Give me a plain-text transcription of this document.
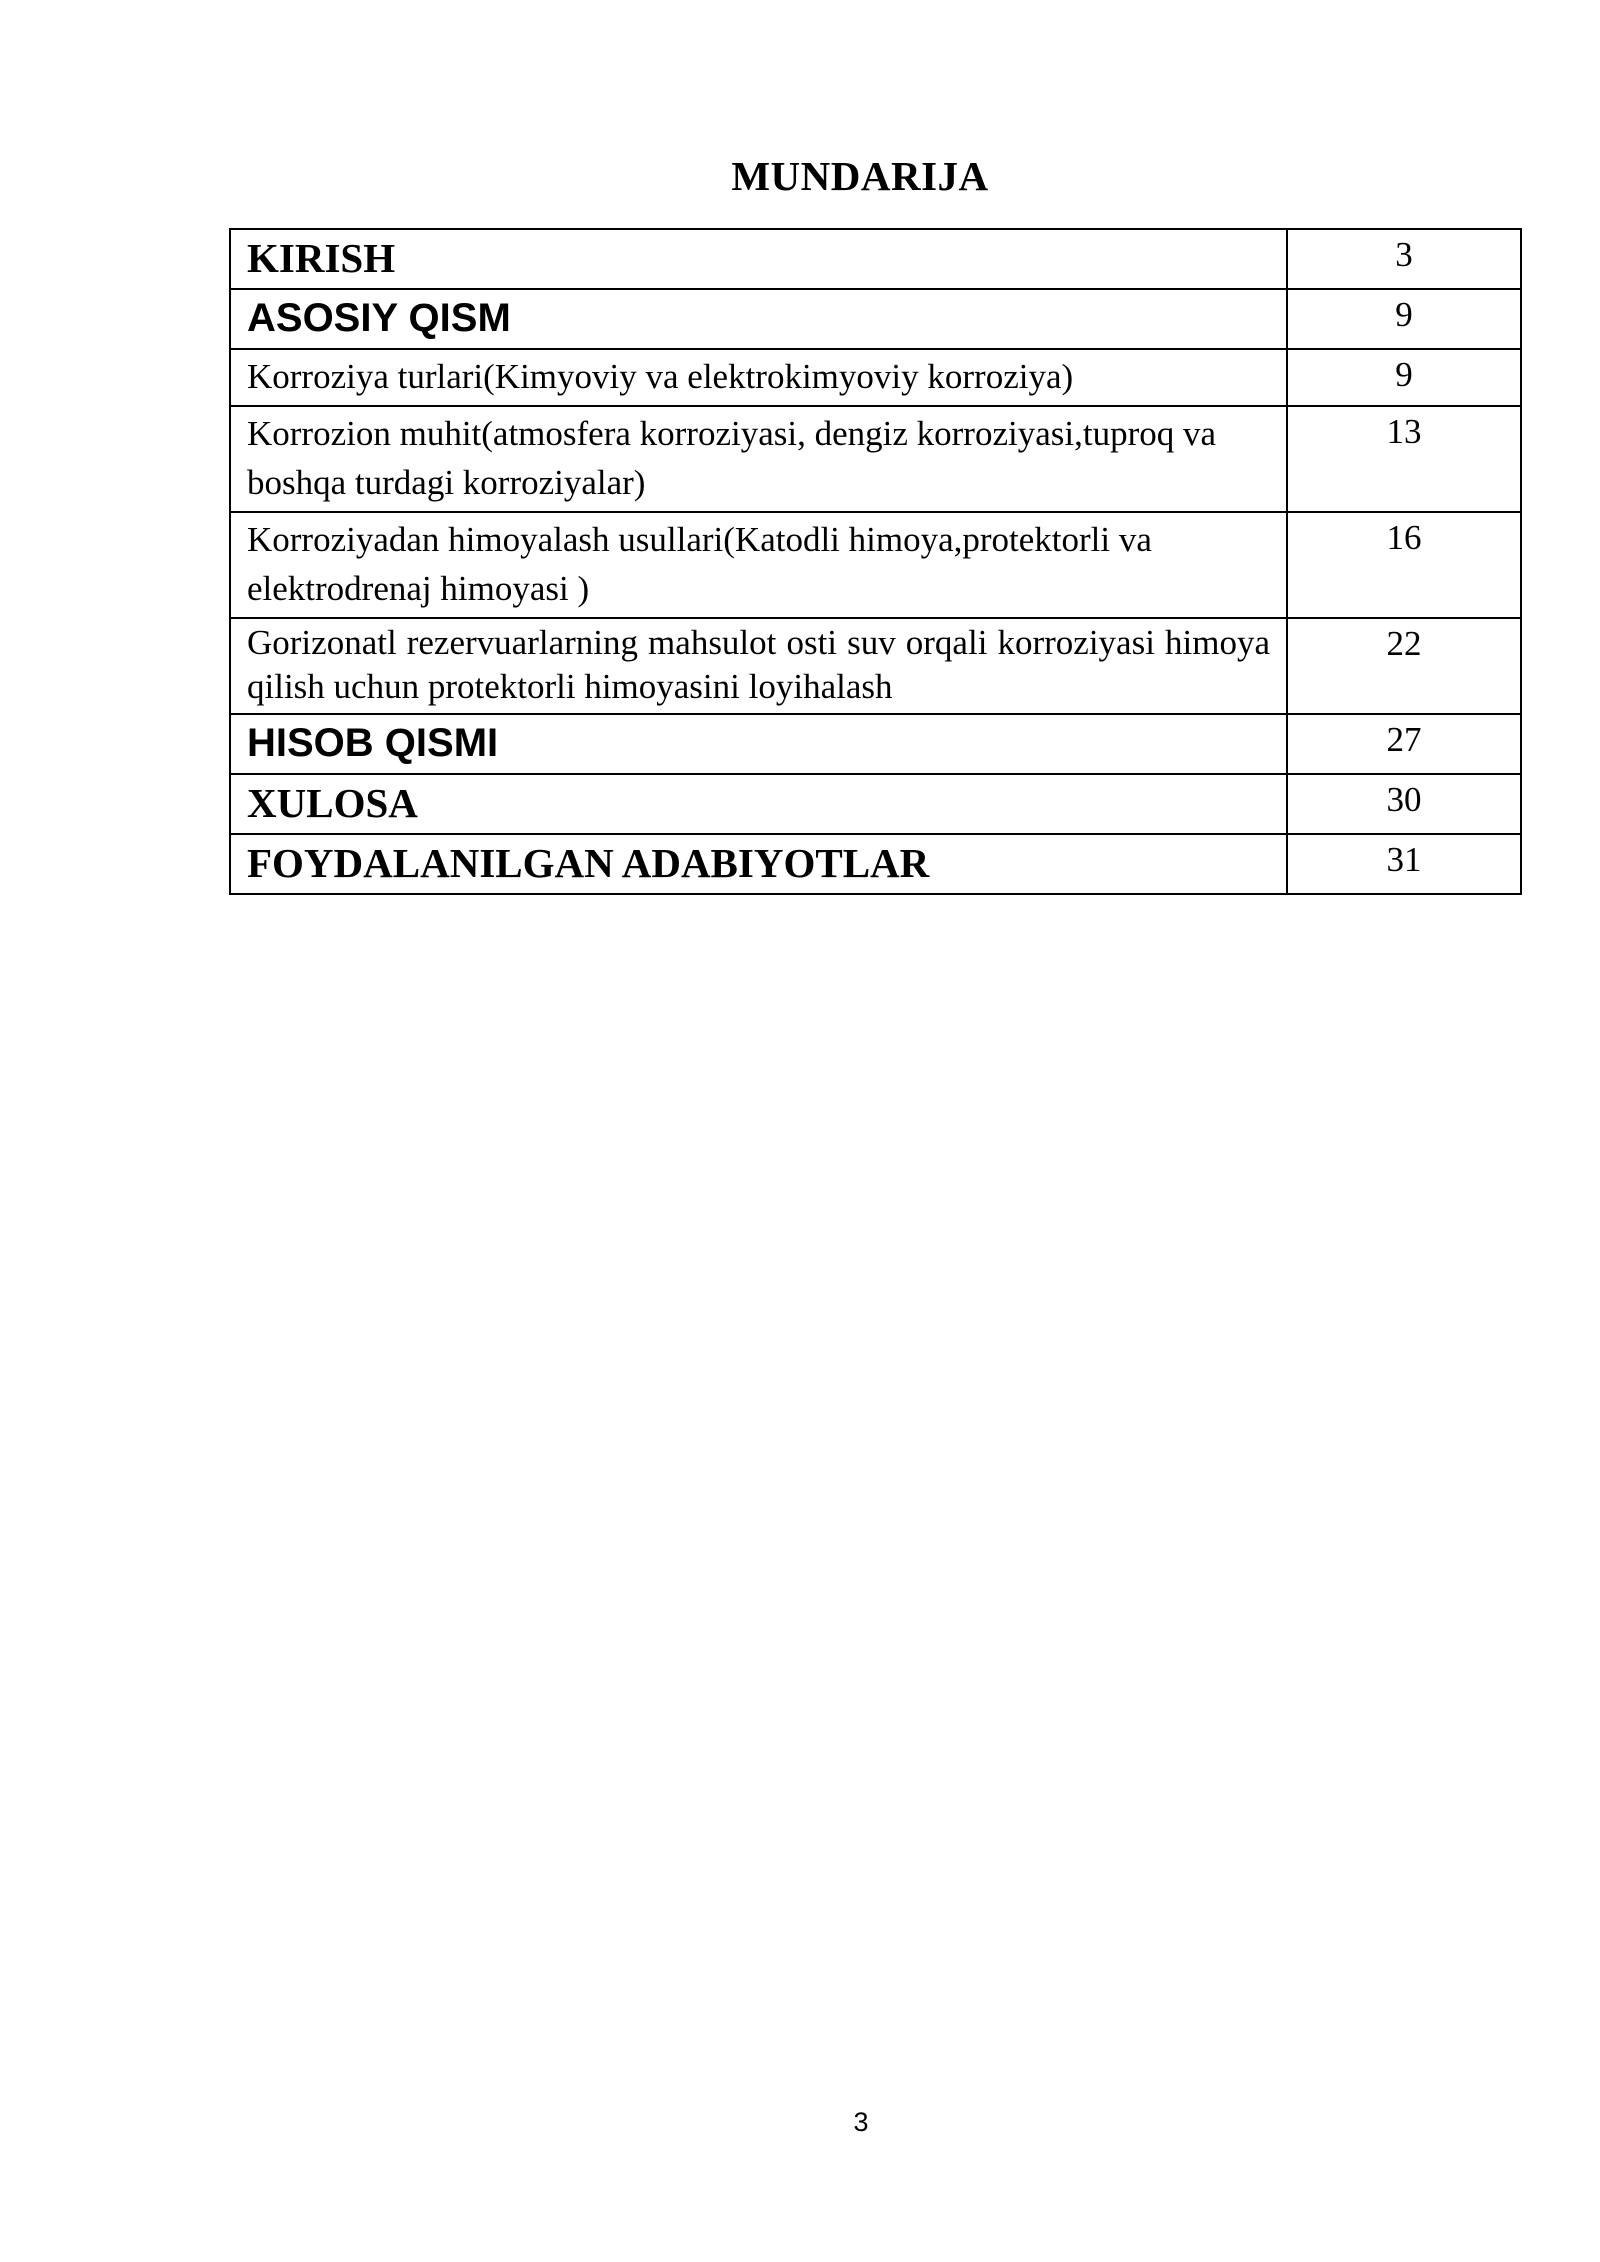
MUNDARIJA
KIRISH	3

ASOSIY QISM	9

Korroziya turlari(Kimyoviy va elektrokimyoviy korroziya)	9

Korrozion muhit(atmosfera korroziyasi, dengiz korroziyasi,tuproq va boshqa turdagi korroziyalar)	13

Korroziyadan himoyalash usullari(Katodli himoya,protektorli va elektrodrenaj himoyasi )	16

Gorizonatl rezervuarlarning mahsulot osti suv orqali korroziyasi himoya qilish uchun protektorli himoyasini loyihalash	22

HISOB QISMI	27

XULOSA	30

FOYDALANILGAN ADABIYOTLAR	31
3
